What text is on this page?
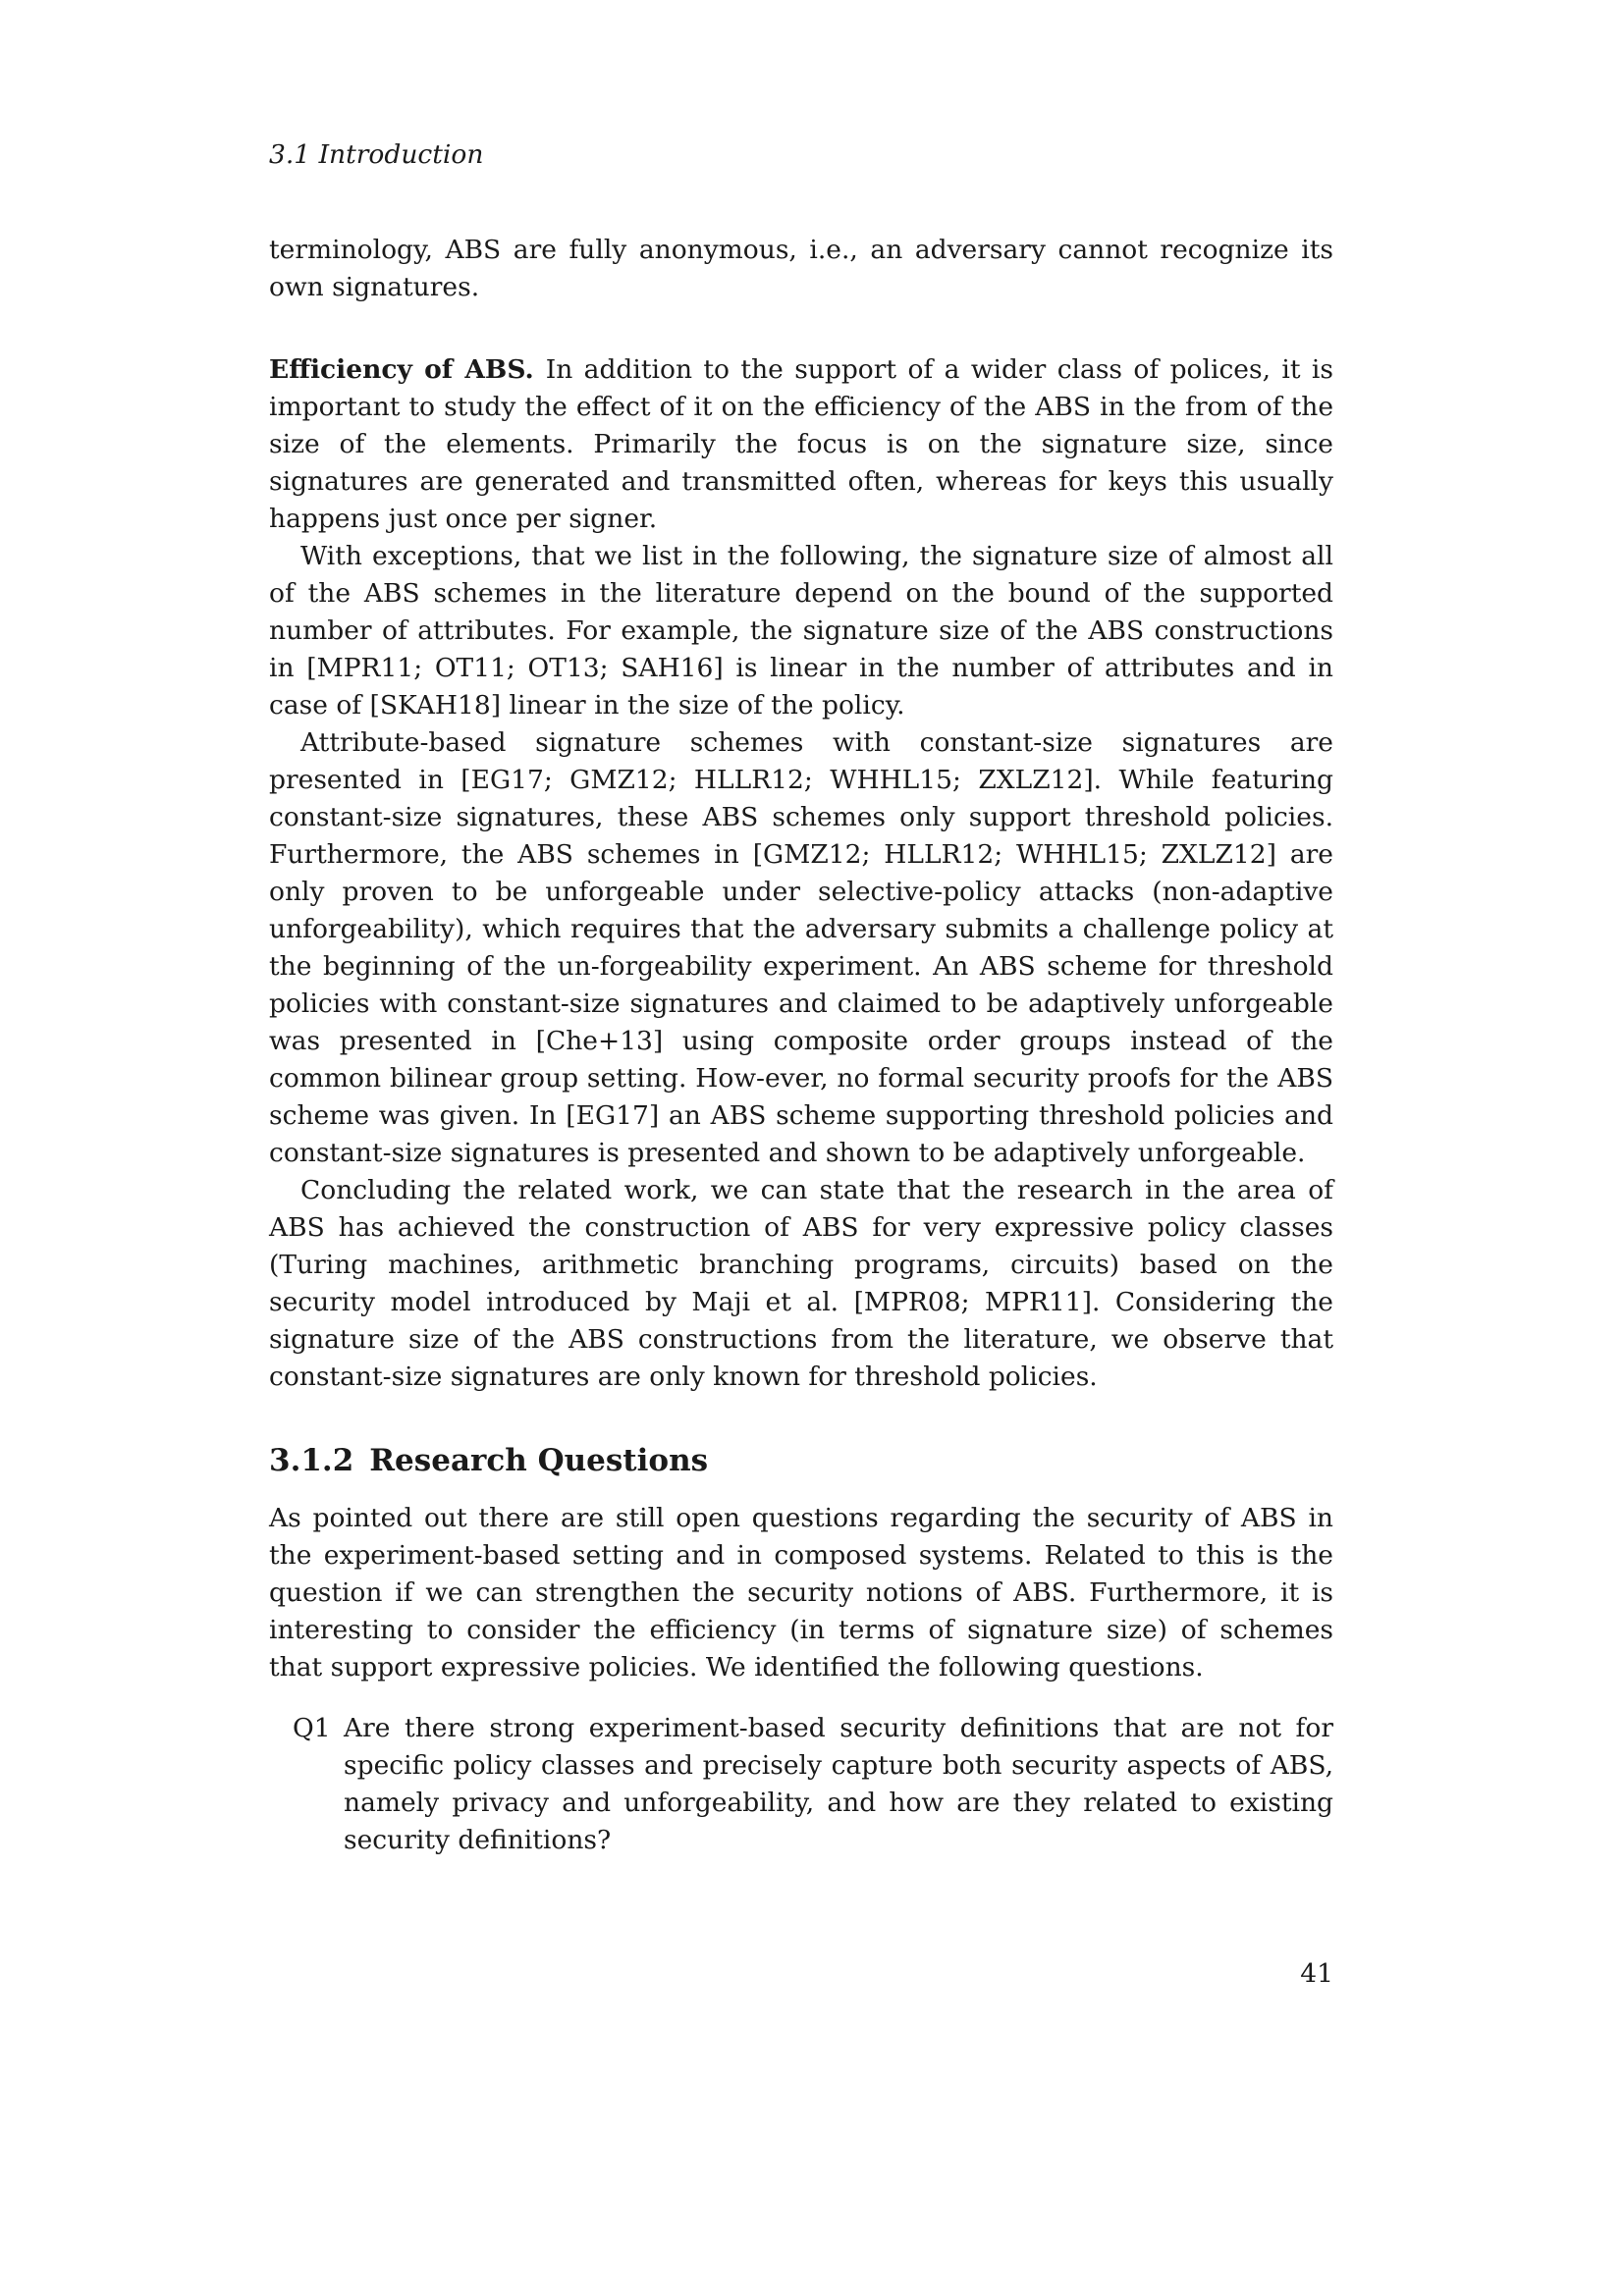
3.1 Introduction

terminology, ABS are fully anonymous, i.e., an adversary cannot recognize its own signatures.

Efficiency of ABS. In addition to the support of a wider class of polices, it is important to study the effect of it on the efficiency of the ABS in the from of the size of the elements. Primarily the focus is on the signature size, since signatures are generated and transmitted often, whereas for keys this usually happens just once per signer.

With exceptions, that we list in the following, the signature size of almost all of the ABS schemes in the literature depend on the bound of the supported number of attributes. For example, the signature size of the ABS constructions in [MPR11; OT11; OT13; SAH16] is linear in the number of attributes and in case of [SKAH18] linear in the size of the policy.

Attribute-based signature schemes with constant-size signatures are presented in [EG17; GMZ12; HLLR12; WHHL15; ZXLZ12]. While featuring constant-size signatures, these ABS schemes only support threshold policies. Furthermore, the ABS schemes in [GMZ12; HLLR12; WHHL15; ZXLZ12] are only proven to be unforgeable under selective-policy attacks (non-adaptive unforgeability), which requires that the adversary submits a challenge policy at the beginning of the un-forgeability experiment. An ABS scheme for threshold policies with constant-size signatures and claimed to be adaptively unforgeable was presented in [Che+13] using composite order groups instead of the common bilinear group setting. How-ever, no formal security proofs for the ABS scheme was given. In [EG17] an ABS scheme supporting threshold policies and constant-size signatures is presented and shown to be adaptively unforgeable.

Concluding the related work, we can state that the research in the area of ABS has achieved the construction of ABS for very expressive policy classes (Turing machines, arithmetic branching programs, circuits) based on the security model introduced by Maji et al. [MPR08; MPR11]. Considering the signature size of the ABS constructions from the literature, we observe that constant-size signatures are only known for threshold policies.

3.1.2 Research Questions

As pointed out there are still open questions regarding the security of ABS in the experiment-based setting and in composed systems. Related to this is the question if we can strengthen the security notions of ABS. Furthermore, it is interesting to consider the efficiency (in terms of signature size) of schemes that support expressive policies. We identified the following questions.

Q1 Are there strong experiment-based security definitions that are not for specific policy classes and precisely capture both security aspects of ABS, namely privacy and unforgeability, and how are they related to existing security definitions?
41
